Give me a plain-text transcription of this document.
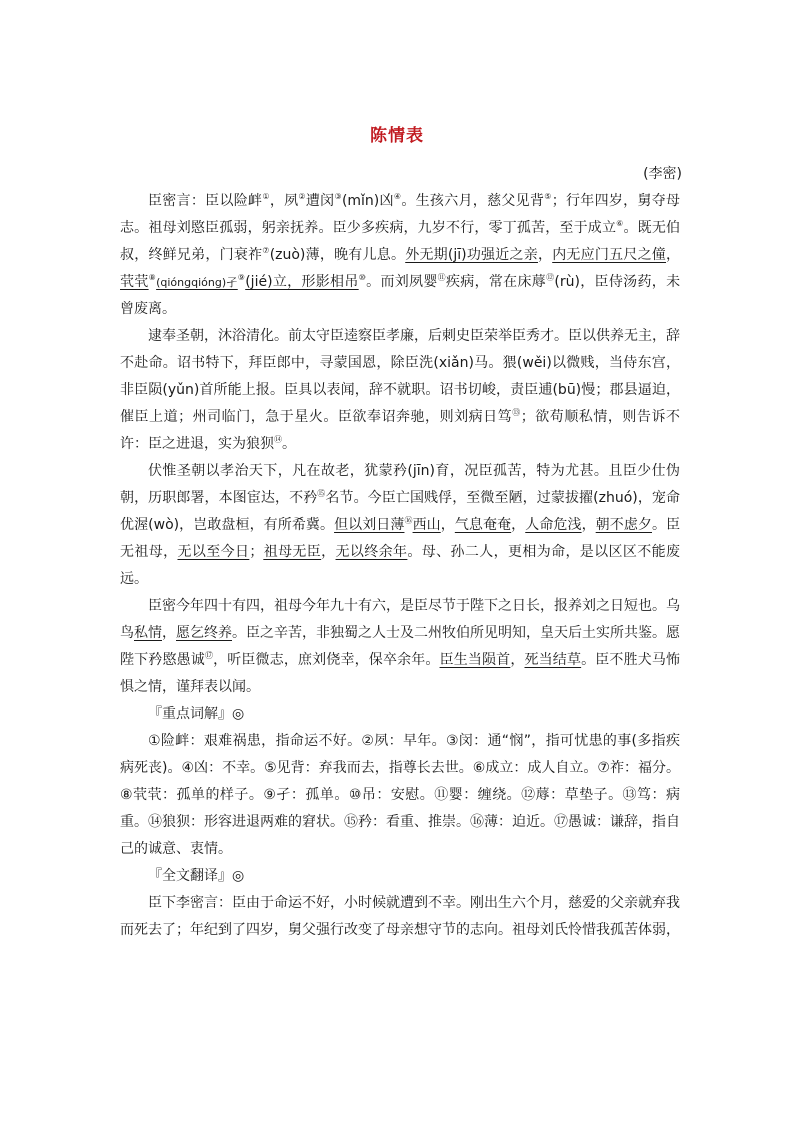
陈情表
(李密)

臣密言：臣以险衅①，夙②遭闵③(mǐn)凶④。生孩六月，慈父见背⑤；行年四岁，舅夺母志。祖母刘愍臣孤弱，躬亲抚养。臣少多疾病，九岁不行，零丁孤苦，至于成立⑥。既无伯叔，终鲜兄弟，门衰祚⑦(zuò)薄，晚有儿息。外无期(jī)功强近之亲，内无应门五尺之僮，茕茕⑧(qióngqióng)孑⑨(jié)立，形影相吊⑩。而刘夙婴⑪疾病，常在床蓐⑫(rù)，臣侍汤药，未曾废离。

逮奉圣朝，沐浴清化。前太守臣逵察臣孝廉，后刺史臣荣举臣秀才。臣以供养无主，辞不赴命。诏书特下，拜臣郎中，寻蒙国恩，除臣洗(xiǎn)马。猥(wěi)以微贱，当侍东宫，非臣陨(yǔn)首所能上报。臣具以表闻，辞不就职。诏书切峻，责臣逋(bū)慢；郡县逼迫，催臣上道；州司临门，急于星火。臣欲奉诏奔驰，则刘病日笃⑬；欲苟顺私情，则告诉不许：臣之进退，实为狼狈⑭。

伏惟圣朝以孝治天下，凡在故老，犹蒙矜(jīn)育，况臣孤苦，特为尤甚。且臣少仕伪朝，历职郎署，本图宦达，不矜⑮名节。今臣亡国贱俘，至微至陋，过蒙拔擢(zhuó)，宠命优渥(wò)，岂敢盘桓，有所希冀。但以刘日薄⑯西山，气息奄奄，人命危浅，朝不虑夕。臣无祖母，无以至今日；祖母无臣，无以终余年。母、孙二人，更相为命，是以区区不能废远。

臣密今年四十有四，祖母今年九十有六，是臣尽节于陛下之日长，报养刘之日短也。乌鸟私情，愿乞终养。臣之辛苦，非独蜀之人士及二州牧伯所见明知，皇天后土实所共鉴。愿陛下矜愍愚诚⑰，听臣微志，庶刘侥幸，保卒余年。臣生当陨首，死当结草。臣不胜犬马怖惧之情，谨拜表以闻。

『重点词解』◎

①险衅：艰难祸患，指命运不好。②夙：早年。③闵：通“悯”，指可忧患的事(多指疾病死丧)。④凶：不幸。⑤见背：弃我而去，指尊长去世。⑥成立：成人自立。⑦祚：福分。⑧茕茕：孤单的样子。⑨孑：孤单。⑩吊：安慰。⑪婴：缠绕。⑫蓐：草垫子。⑬笃：病重。⑭狼狈：形容进退两难的窘状。⑮矜：看重、推崇。⑯薄：迫近。⑰愚诚：谦辞，指自己的诚意、衷情。

『全文翻译』◎

臣下李密言：臣由于命运不好，小时候就遭到不幸。刚出生六个月，慈爱的父亲就弃我而死去了；年纪到了四岁，舅父强行改变了母亲想守节的志向。祖母刘氏怜惜我孤苦体弱，
